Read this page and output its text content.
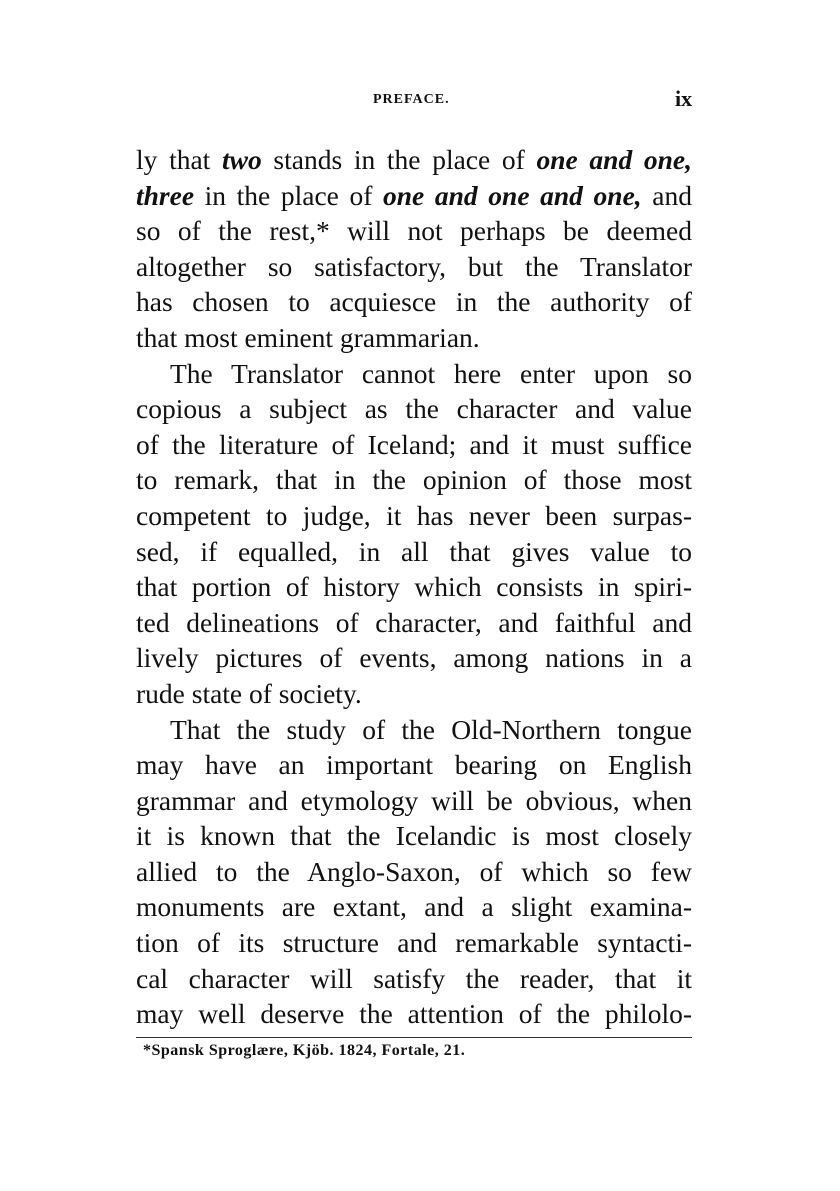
PREFACE.	ix
ly that two stands in the place of one and one,
three in the place of one and one and one, and
so of the rest,* will not perhaps be deemed
altogether so satisfactory, but the Translator
has chosen to acquiesce in the authority of
that most eminent grammarian.
The Translator cannot here enter upon so
copious a subject as the character and value
of the literature of Iceland; and it must suffice
to remark, that in the opinion of those most
competent to judge, it has never been surpas-
sed, if equalled, in all that gives value to
that portion of history which consists in spiri-
ted delineations of character, and faithful and
lively pictures of events, among nations in a
rude state of society.
That the study of the Old-Northern tongue
may have an important bearing on English
grammar and etymology will be obvious, when
it is known that the Icelandic is most closely
allied to the Anglo-Saxon, of which so few
monuments are extant, and a slight examina-
tion of its structure and remarkable syntacti-
cal character will satisfy the reader, that it
may well deserve the attention of the philolo-
*Spansk Sproglære, Kjöb. 1824, Fortale, 21.
